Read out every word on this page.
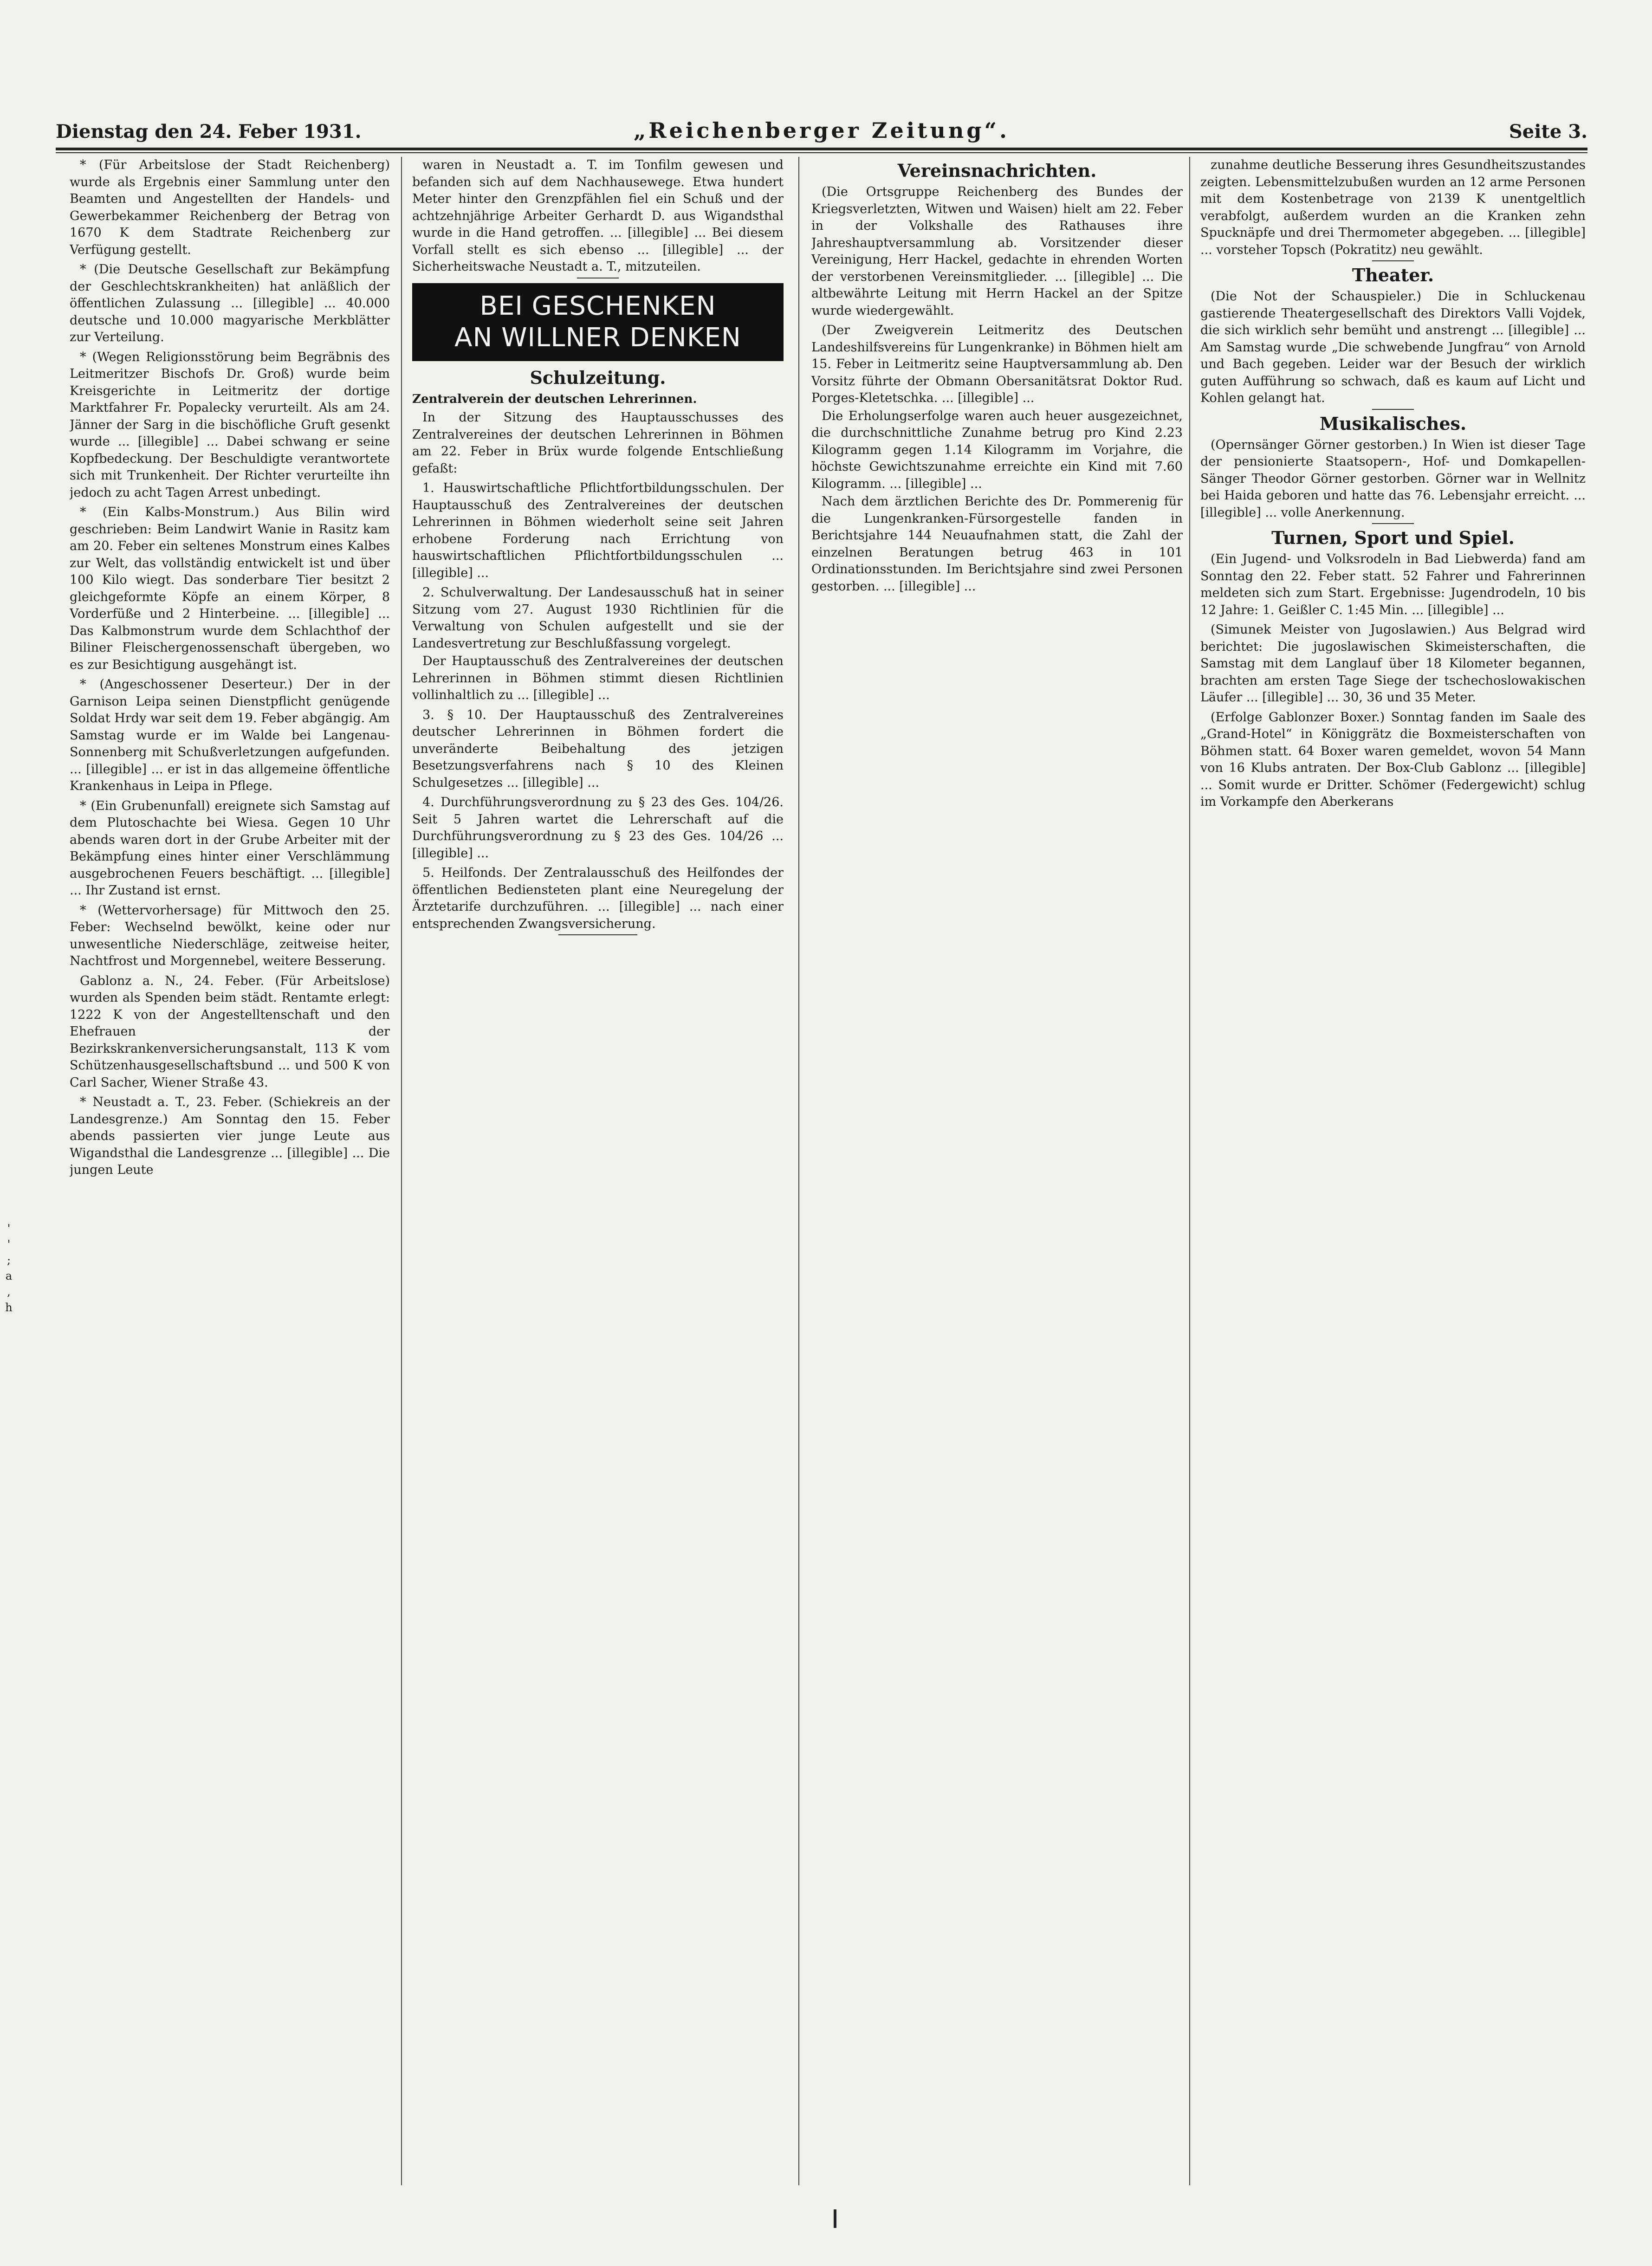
Dienstag den 24. Feber 1931.	„Reichenberger Zeitung“.	Seite 3.
'
'
;
a
,
h

* (Für Arbeitslose der Stadt Reichenberg) wurde als Ergebnis einer Sammlung unter den Beamten und Angestellten der Handels- und Gewerbekammer Reichenberg der Betrag von 1670 K dem Stadtrate Reichenberg zur Verfügung gestellt.

* (Die Deutsche Gesellschaft zur Bekämpfung der Geschlechtskrankheiten) hat anläßlich der öffentlichen Zulassung ... [illegible] ... 40.000 deutsche und 10.000 magyarische Merkblätter zur Verteilung.

* (Wegen Religionsstörung beim Begräbnis des Leitmeritzer Bischofs Dr. Groß) wurde beim Kreisgerichte in Leitmeritz der dortige Marktfahrer Fr. Popalecky verurteilt. Als am 24. Jänner der Sarg in die bischöfliche Gruft gesenkt wurde ... [illegible] ... Dabei schwang er seine Kopfbedeckung. Der Beschuldigte verantwortete sich mit Trunkenheit. Der Richter verurteilte ihn jedoch zu acht Tagen Arrest unbedingt.

* (Ein Kalbs-Monstrum.) Aus Bilin wird geschrieben: Beim Landwirt Wanie in Rasitz kam am 20. Feber ein seltenes Monstrum eines Kalbes zur Welt, das vollständig entwickelt ist und über 100 Kilo wiegt. Das sonderbare Tier besitzt 2 gleichgeformte Köpfe an einem Körper, 8 Vorderfüße und 2 Hinterbeine. ... [illegible] ... Das Kalbmonstrum wurde dem Schlachthof der Biliner Fleischergenossenschaft übergeben, wo es zur Besichtigung ausgehängt ist.

* (Angeschossener Deserteur.) Der in der Garnison Leipa seinen Dienstpflicht genügende Soldat Hrdy war seit dem 19. Feber abgängig. Am Samstag wurde er im Walde bei Langenau-Sonnenberg mit Schußverletzungen aufgefunden. ... [illegible] ... er ist in das allgemeine öffentliche Krankenhaus in Leipa in Pflege.

* (Ein Grubenunfall) ereignete sich Samstag auf dem Plutoschachte bei Wiesa. Gegen 10 Uhr abends waren dort in der Grube Arbeiter mit der Bekämpfung eines hinter einer Verschlämmung ausgebrochenen Feuers beschäftigt. ... [illegible] ... Ihr Zustand ist ernst.

* (Wettervorhersage) für Mittwoch den 25. Feber: Wechselnd bewölkt, keine oder nur unwesentliche Niederschläge, zeitweise heiter, Nachtfrost und Morgennebel, weitere Besserung.

Gablonz a. N., 24. Feber. (Für Arbeitslose) wurden als Spenden beim städt. Rentamte erlegt: 1222 K von der Angestelltenschaft und den Ehefrauen der Bezirkskrankenversicherungsanstalt, 113 K vom Schützenhausgesellschaftsbund ... und 500 K von Carl Sacher, Wiener Straße 43.

* Neustadt a. T., 23. Feber. (Schiekreis an der Landesgrenze.) Am Sonntag den 15. Feber abends passierten vier junge Leute aus Wigandsthal die Landesgrenze ... [illegible] ... Die jungen Leute

waren in Neustadt a. T. im Tonfilm gewesen und befanden sich auf dem Nachhausewege. Etwa hundert Meter hinter den Grenzpfählen fiel ein Schuß und der achtzehnjährige Arbeiter Gerhardt D. aus Wigandsthal wurde in die Hand getroffen. ... [illegible] ... Bei diesem Vorfall stellt es sich ebenso ... [illegible] ... der Sicherheitswache Neustadt a. T., mitzuteilen.

BEI GESCHENKEN
AN WILLNER DENKEN
Schulzeitung.
Zentralverein der deutschen Lehrerinnen.

In der Sitzung des Hauptausschusses des Zentralvereines der deutschen Lehrerinnen in Böhmen am 22. Feber in Brüx wurde folgende Entschließung gefaßt:

1. Hauswirtschaftliche Pflichtfortbildungsschulen. Der Hauptausschuß des Zentralvereines der deutschen Lehrerinnen in Böhmen wiederholt seine seit Jahren erhobene Forderung nach Errichtung von hauswirtschaftlichen Pflichtfortbildungsschulen ... [illegible] ...

2. Schulverwaltung. Der Landesausschuß hat in seiner Sitzung vom 27. August 1930 Richtlinien für die Verwaltung von Schulen aufgestellt und sie der Landesvertretung zur Beschlußfassung vorgelegt.

Der Hauptausschuß des Zentralvereines der deutschen Lehrerinnen in Böhmen stimmt diesen Richtlinien vollinhaltlich zu ... [illegible] ...

3. § 10. Der Hauptausschuß des Zentralvereines deutscher Lehrerinnen in Böhmen fordert die unveränderte Beibehaltung des jetzigen Besetzungsverfahrens nach § 10 des Kleinen Schulgesetzes ... [illegible] ...

4. Durchführungsverordnung zu § 23 des Ges. 104/26. Seit 5 Jahren wartet die Lehrerschaft auf die Durchführungsverordnung zu § 23 des Ges. 104/26 ... [illegible] ...

5. Heilfonds. Der Zentralausschuß des Heilfondes der öffentlichen Bediensteten plant eine Neuregelung der Ärztetarife durchzuführen. ... [illegible] ... nach einer entsprechenden Zwangsversicherung.

Vereinsnachrichten.

(Die Ortsgruppe Reichenberg des Bundes der Kriegsverletzten, Witwen und Waisen) hielt am 22. Feber in der Volkshalle des Rathauses ihre Jahreshauptversammlung ab. Vorsitzender dieser Vereinigung, Herr Hackel, gedachte in ehrenden Worten der verstorbenen Vereinsmitglieder. ... [illegible] ... Die altbewährte Leitung mit Herrn Hackel an der Spitze wurde wiedergewählt.

(Der Zweigverein Leitmeritz des Deutschen Landeshilfsvereins für Lungenkranke) in Böhmen hielt am 15. Feber in Leitmeritz seine Hauptversammlung ab. Den Vorsitz führte der Obmann Obersanitätsrat Doktor Rud. Porges-Kletetschka. ... [illegible] ...

Die Erholungserfolge waren auch heuer ausgezeichnet, die durchschnittliche Zunahme betrug pro Kind 2.23 Kilogramm gegen 1.14 Kilogramm im Vorjahre, die höchste Gewichtszunahme erreichte ein Kind mit 7.60 Kilogramm. ... [illegible] ...

Nach dem ärztlichen Berichte des Dr. Pommerenig für die Lungenkranken-Fürsorgestelle fanden in Berichtsjahre 144 Neuaufnahmen statt, die Zahl der einzelnen Beratungen betrug 463 in 101 Ordinationsstunden. Im Berichtsjahre sind zwei Personen gestorben. ... [illegible] ...

zunahme deutliche Besserung ihres Gesundheitszustandes zeigten. Lebensmittelzubußen wurden an 12 arme Personen mit dem Kostenbetrage von 2139 K unentgeltlich verabfolgt, außerdem wurden an die Kranken zehn Spucknäpfe und drei Thermometer abgegeben. ... [illegible] ... vorsteher Topsch (Pokratitz) neu gewählt.

Theater.

(Die Not der Schauspieler.) Die in Schluckenau gastierende Theatergesellschaft des Direktors Valli Vojdek, die sich wirklich sehr bemüht und anstrengt ... [illegible] ... Am Samstag wurde „Die schwebende Jungfrau“ von Arnold und Bach gegeben. Leider war der Besuch der wirklich guten Aufführung so schwach, daß es kaum auf Licht und Kohlen gelangt hat.

Musikalisches.

(Opernsänger Görner gestorben.) In Wien ist dieser Tage der pensionierte Staatsopern-, Hof- und Domkapellen-Sänger Theodor Görner gestorben. Görner war in Wellnitz bei Haida geboren und hatte das 76. Lebensjahr erreicht. ... [illegible] ... volle Anerkennung.

Turnen, Sport und Spiel.

(Ein Jugend- und Volksrodeln in Bad Liebwerda) fand am Sonntag den 22. Feber statt. 52 Fahrer und Fahrerinnen meldeten sich zum Start. Ergebnisse: Jugendrodeln, 10 bis 12 Jahre: 1. Geißler C. 1:45 Min. ... [illegible] ...

(Simunek Meister von Jugoslawien.) Aus Belgrad wird berichtet: Die jugoslawischen Skimeisterschaften, die Samstag mit dem Langlauf über 18 Kilometer begannen, brachten am ersten Tage Siege der tschechoslowakischen Läufer ... [illegible] ... 30, 36 und 35 Meter.

(Erfolge Gablonzer Boxer.) Sonntag fanden im Saale des „Grand-Hotel“ in Königgrätz die Boxmeisterschaften von Böhmen statt. 64 Boxer waren gemeldet, wovon 54 Mann von 16 Klubs antraten. Der Box-Club Gablonz ... [illegible] ... Somit wurde er Dritter. Schömer (Federgewicht) schlug im Vorkampfe den Aberkerans
